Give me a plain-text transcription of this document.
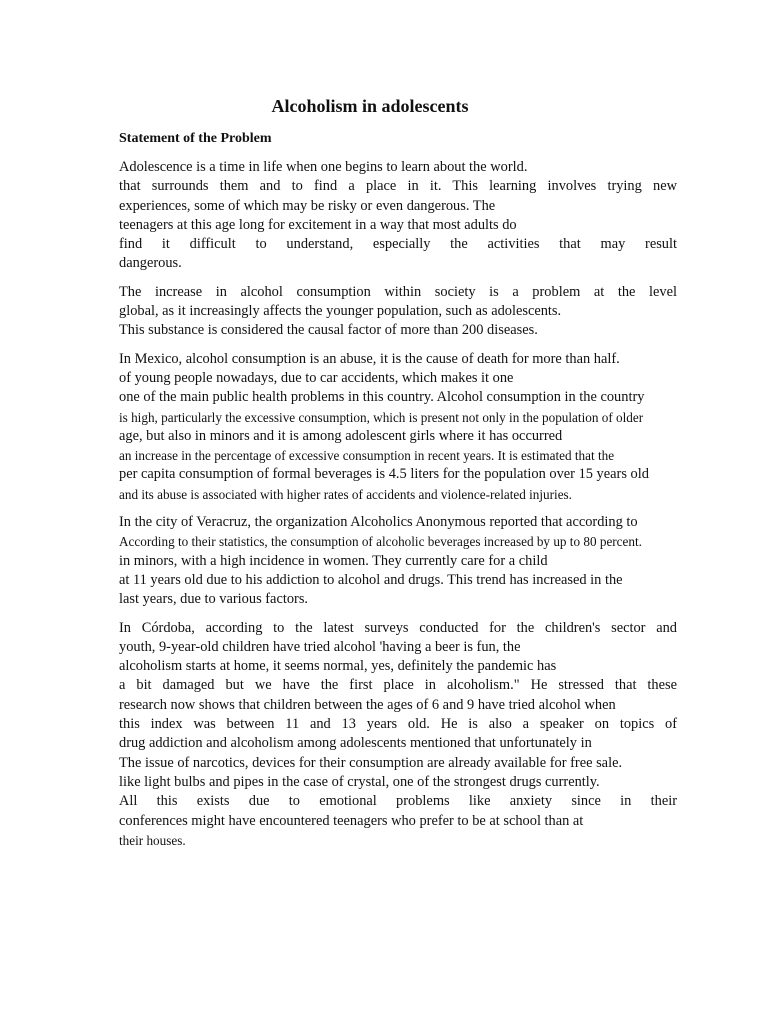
Alcoholism in adolescents
Statement of the Problem

Adolescence is a time in life when one begins to learn about the world.
that surrounds them and to find a place in it. This learning involves trying new
experiences, some of which may be risky or even dangerous. The
teenagers at this age long for excitement in a way that most adults do
find it difficult to understand, especially the activities that may result
dangerous.

The increase in alcohol consumption within society is a problem at the level
global, as it increasingly affects the younger population, such as adolescents.
This substance is considered the causal factor of more than 200 diseases.

In Mexico, alcohol consumption is an abuse, it is the cause of death for more than half.
of young people nowadays, due to car accidents, which makes it one
one of the main public health problems in this country. Alcohol consumption in the country
is high, particularly the excessive consumption, which is present not only in the population of older
age, but also in minors and it is among adolescent girls where it has occurred
an increase in the percentage of excessive consumption in recent years. It is estimated that the
per capita consumption of formal beverages is 4.5 liters for the population over 15 years old
and its abuse is associated with higher rates of accidents and violence-related injuries.

In the city of Veracruz, the organization Alcoholics Anonymous reported that according to
According to their statistics, the consumption of alcoholic beverages increased by up to 80 percent.
in minors, with a high incidence in women. They currently care for a child
at 11 years old due to his addiction to alcohol and drugs. This trend has increased in the
last years, due to various factors.

In Córdoba, according to the latest surveys conducted for the children's sector and
youth, 9-year-old children have tried alcohol 'having a beer is fun, the
alcoholism starts at home, it seems normal, yes, definitely the pandemic has
a bit damaged but we have the first place in alcoholism." He stressed that these
research now shows that children between the ages of 6 and 9 have tried alcohol when
this index was between 11 and 13 years old. He is also a speaker on topics of
drug addiction and alcoholism among adolescents mentioned that unfortunately in
The issue of narcotics, devices for their consumption are already available for free sale.
like light bulbs and pipes in the case of crystal, one of the strongest drugs currently.
All this exists due to emotional problems like anxiety since in their
conferences might have encountered teenagers who prefer to be at school than at
their houses.
